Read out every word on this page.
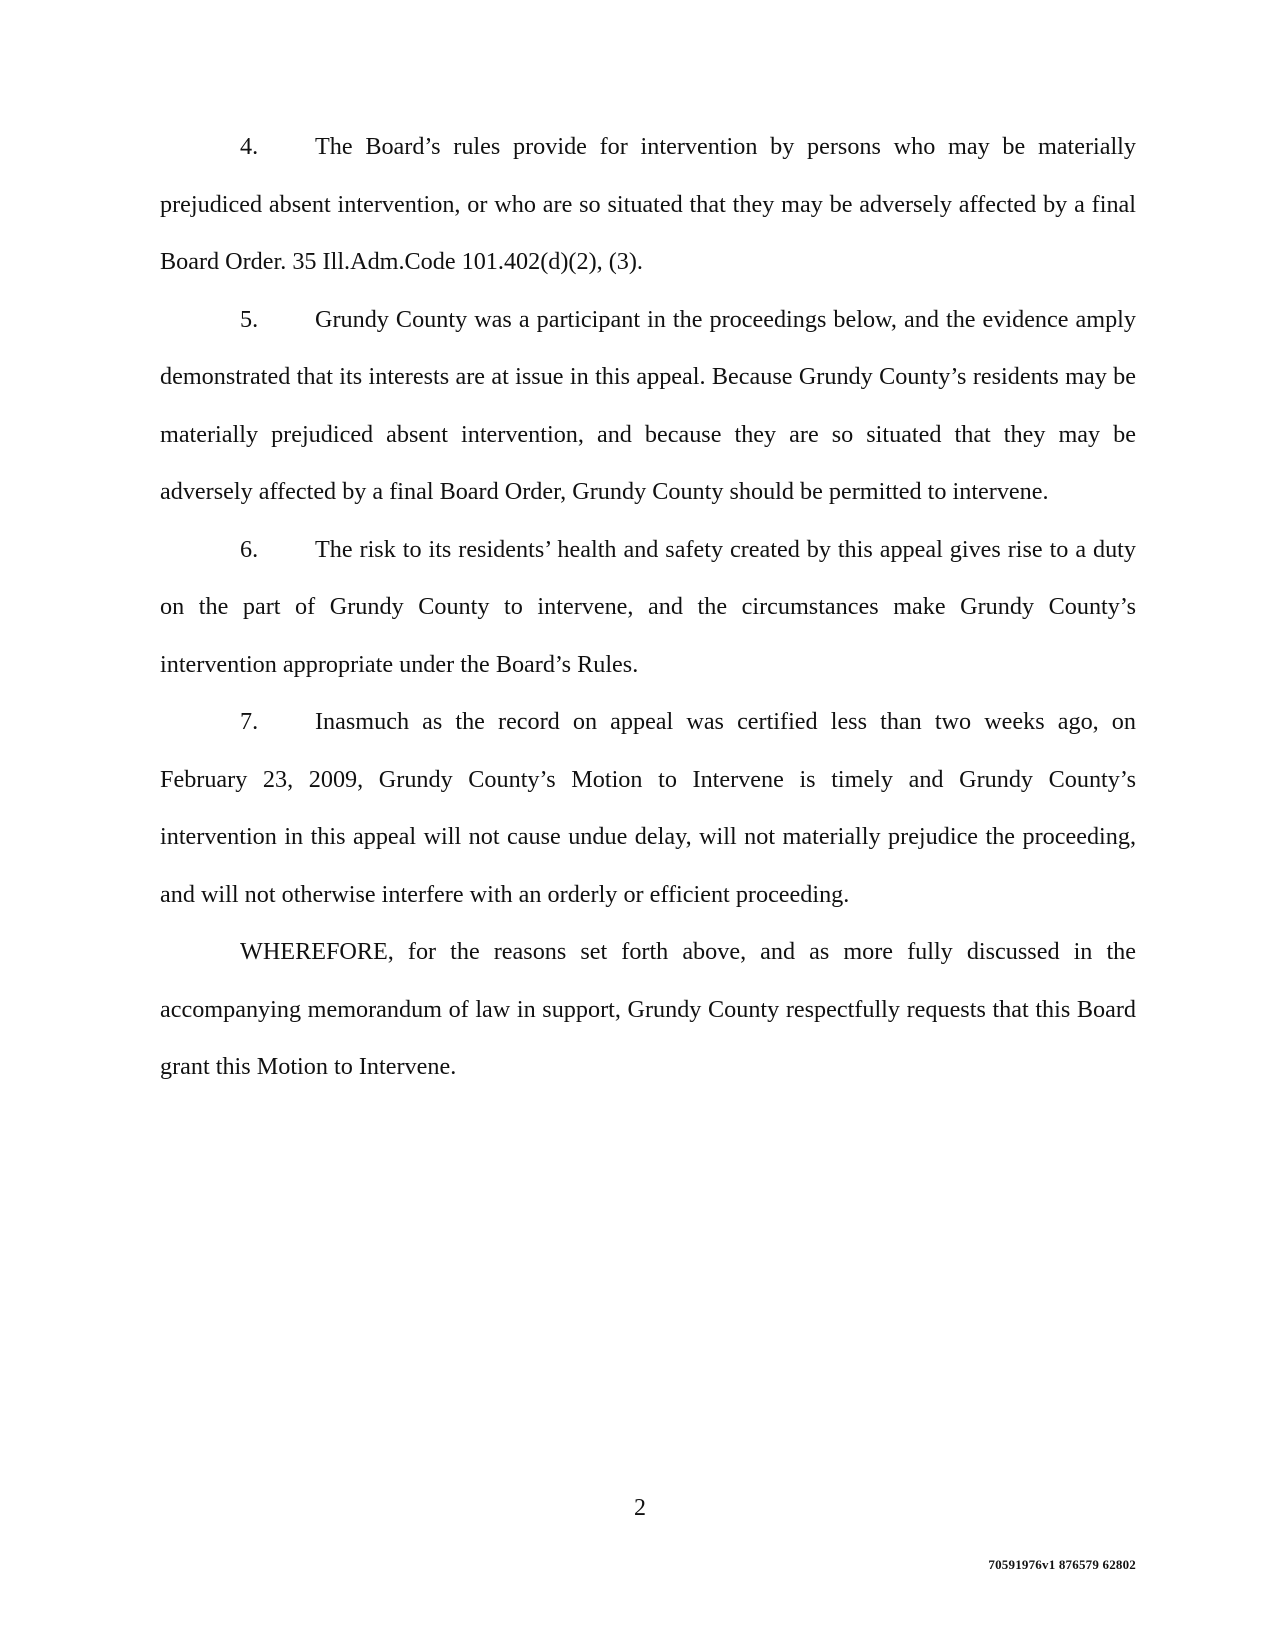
4. The Board’s rules provide for intervention by persons who may be materially prejudiced absent intervention, or who are so situated that they may be adversely affected by a final Board Order. 35 Ill.Adm.Code 101.402(d)(2), (3).

5. Grundy County was a participant in the proceedings below, and the evidence amply demonstrated that its interests are at issue in this appeal. Because Grundy County’s residents may be materially prejudiced absent intervention, and because they are so situated that they may be adversely affected by a final Board Order, Grundy County should be permitted to intervene.

6. The risk to its residents’ health and safety created by this appeal gives rise to a duty on the part of Grundy County to intervene, and the circumstances make Grundy County’s intervention appropriate under the Board’s Rules.

7. Inasmuch as the record on appeal was certified less than two weeks ago, on February 23, 2009, Grundy County’s Motion to Intervene is timely and Grundy County’s intervention in this appeal will not cause undue delay, will not materially prejudice the proceeding, and will not otherwise interfere with an orderly or efficient proceeding.

WHEREFORE, for the reasons set forth above, and as more fully discussed in the accompanying memorandum of law in support, Grundy County respectfully requests that this Board grant this Motion to Intervene.

2
70591976v1 876579 62802
